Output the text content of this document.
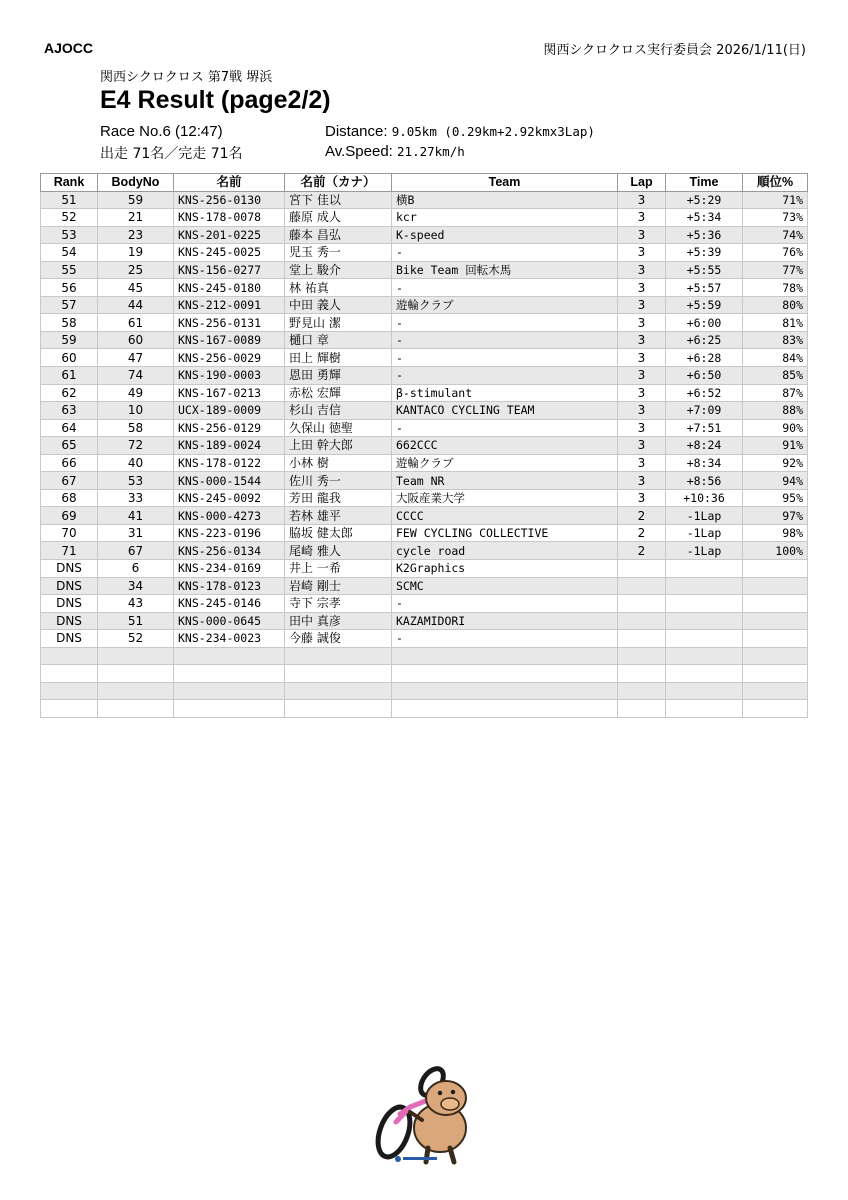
AJOCC	関西シクロクロス実行委員会 2026/1/11(日)
関西シクロクロス 第7戦 堺浜
E4 Result (page2/2)
Race No.6 (12:47)
出走 71名／完走 71名
Distance: 9.05km (0.29km+2.92kmx3Lap)
Av.Speed: 21.27km/h
Rank	BodyNo	名前	名前（カナ）	Team	Lap	Time	順位%
51	59	KNS-256-0130	宮下 佳以	横B	3	+5:29	71%
52	21	KNS-178-0078	藤原 成人	kcr	3	+5:34	73%
53	23	KNS-201-0225	藤本 昌弘	K-speed	3	+5:36	74%
54	19	KNS-245-0025	児玉 秀一	-	3	+5:39	76%
55	25	KNS-156-0277	堂上 駿介	Bike Team 回転木馬	3	+5:55	77%
56	45	KNS-245-0180	林 祐真	-	3	+5:57	78%
57	44	KNS-212-0091	中田 義人	遊輪クラブ	3	+5:59	80%
58	61	KNS-256-0131	野見山 潔	-	3	+6:00	81%
59	60	KNS-167-0089	樋口 章	-	3	+6:25	83%
60	47	KNS-256-0029	田上 輝樹	-	3	+6:28	84%
61	74	KNS-190-0003	恩田 勇輝	-	3	+6:50	85%
62	49	KNS-167-0213	赤松 宏輝	β-stimulant	3	+6:52	87%
63	10	UCX-189-0009	杉山 吉信	KANTACO CYCLING TEAM	3	+7:09	88%
64	58	KNS-256-0129	久保山 徳聖	-	3	+7:51	90%
65	72	KNS-189-0024	上田 幹大郎	662CCC	3	+8:24	91%
66	40	KNS-178-0122	小林 樹	遊輪クラブ	3	+8:34	92%
67	53	KNS-000-1544	佐川 秀一	Team NR	3	+8:56	94%
68	33	KNS-245-0092	芳田 龍我	大阪産業大学	3	+10:36	95%
69	41	KNS-000-4273	若林 雄平	CCCC	2	-1Lap	97%
70	31	KNS-223-0196	脇坂 健太郎	FEW CYCLING COLLECTIVE	2	-1Lap	98%
71	67	KNS-256-0134	尾崎 雅人	cycle road	2	-1Lap	100%
DNS	6	KNS-234-0169	井上 一希	K2Graphics			
DNS	34	KNS-178-0123	岩崎 剛士	SCMC			
DNS	43	KNS-245-0146	寺下 宗孝	-			
DNS	51	KNS-000-0645	田中 真彦	KAZAMIDORI			
DNS	52	KNS-234-0023	今藤 誠俊	-			
